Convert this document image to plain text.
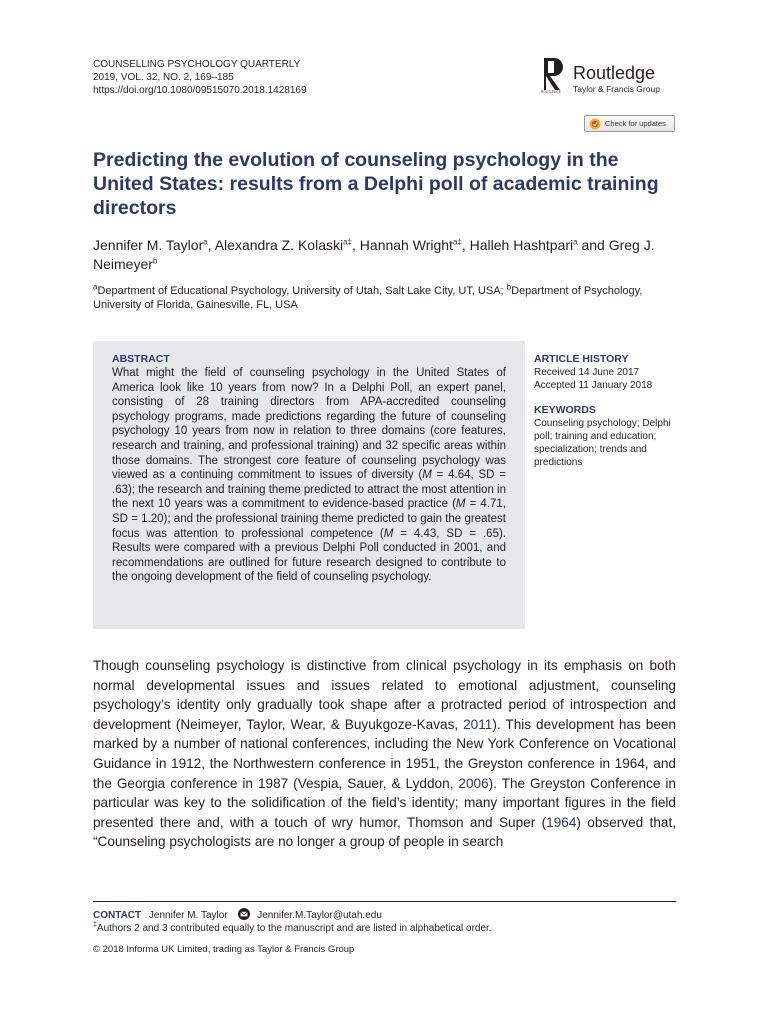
COUNSELLING PSYCHOLOGY QUARTERLY
2019, VOL. 32, NO. 2, 169–185
https://doi.org/10.1080/09515070.2018.1428169	ROUTLEDGE
Routledge
Taylor & Francis Group
Check for updates
Predicting the evolution of counseling psychology in the United States: results from a Delphi poll of academic training directors
Jennifer M. Taylor$^a$, Alexandra Z. Kolaski$^{a\ddagger}$, Hannah Wright$^{a\ddagger}$, Halleh Hashtpari$^a$ and Greg J. Neimeyer$^b$
$^a$Department of Educational Psychology, University of Utah, Salt Lake City, UT, USA; $^b$Department of Psychology, University of Florida, Gainesville, FL, USA
ABSTRACT
What might the field of counseling psychology in the United States of America look like 10 years from now? In a Delphi Poll, an expert panel, consisting of 28 training directors from APA-accredited counseling psychology programs, made predictions regarding the future of counseling psychology 10 years from now in relation to three domains (core features, research and training, and professional training) and 32 specific areas within those domains. The strongest core feature of counseling psychology was viewed as a continuing commitment to issues of diversity (M = 4.64, SD = .63); the research and training theme predicted to attract the most attention in the next 10 years was a commitment to evidence-based practice (M = 4.71, SD = 1.20); and the professional training theme predicted to gain the greatest focus was attention to professional competence (M = 4.43, SD = .65). Results were compared with a previous Delphi Poll conducted in 2001, and recommendations are outlined for future research designed to contribute to the ongoing development of the field of counseling psychology.
ARTICLE HISTORY
Received 14 June 2017
Accepted 11 January 2018
KEYWORDS
Counseling psychology; Delphi poll; training and education; specialization; trends and predictions
Though counseling psychology is distinctive from clinical psychology in its emphasis on both normal developmental issues and issues related to emotional adjustment, counseling psychology’s identity only gradually took shape after a protracted period of introspection and development (Neimeyer, Taylor, Wear, & Buyukgoze-Kavas, 2011). This development has been marked by a number of national conferences, including the New York Conference on Vocational Guidance in 1912, the Northwestern conference in 1951, the Greyston conference in 1964, and the Georgia conference in 1987 (Vespia, Sauer, & Lyddon, 2006). The Greyston Conference in particular was key to the solidification of the field’s identity; many important figures in the field presented there and, with a touch of wry humor, Thomson and Super (1964) observed that, “Counseling psychologists are no longer a group of people in search
CONTACT Jennifer M. Taylor	Jennifer.M.Taylor@utah.edu
‡Authors 2 and 3 contributed equally to the manuscript and are listed in alphabetical order.
© 2018 Informa UK Limited, trading as Taylor & Francis Group
